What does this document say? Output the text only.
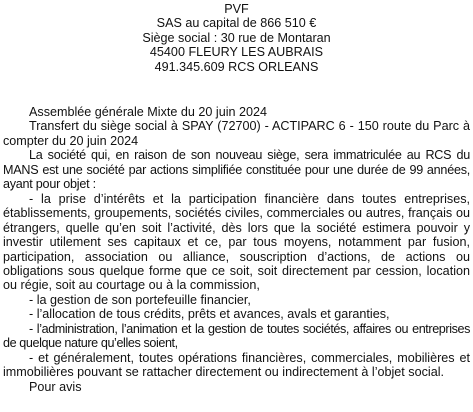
PVF
SAS au capital de 866 510 €
Siège social : 30 rue de Montaran
45400 FLEURY LES AUBRAIS
491.345.609 RCS ORLEANS

Assemblée générale Mixte du 20 juin 2024

Transfert du siège social à SPAY (72700) - ACTIPARC 6 - 150 route du Parc à compter du 20 juin 2024

La société qui, en raison de son nouveau siège, sera immatriculée au RCS du MANS est une société par actions simplifiée constituée pour une durée de 99 années, ayant pour objet :

- la prise d’intérêts et la participation financière dans toutes entreprises, établissements, groupements, sociétés civiles, commerciales ou autres, français ou étrangers, quelle qu’en soit l’activité, dès lors que la société estimera pouvoir y investir utilement ses capitaux et ce, par tous moyens, notamment par fusion, participation, association ou alliance, souscription d’actions, de actions ou obligations sous quelque forme que ce soit, soit directement par cession, location ou régie, soit au courtage ou à la commission,

- la gestion de son portefeuille financier,

- l’allocation de tous crédits, prêts et avances, avals et garanties,

- l’administration, l’animation et la gestion de toutes sociétés, affaires ou entreprises de quelque nature qu’elles soient,

- et généralement, toutes opérations financières, commerciales, mobilières et immobilières pouvant se rattacher directement ou indirectement à l’objet social.

Pour avis
